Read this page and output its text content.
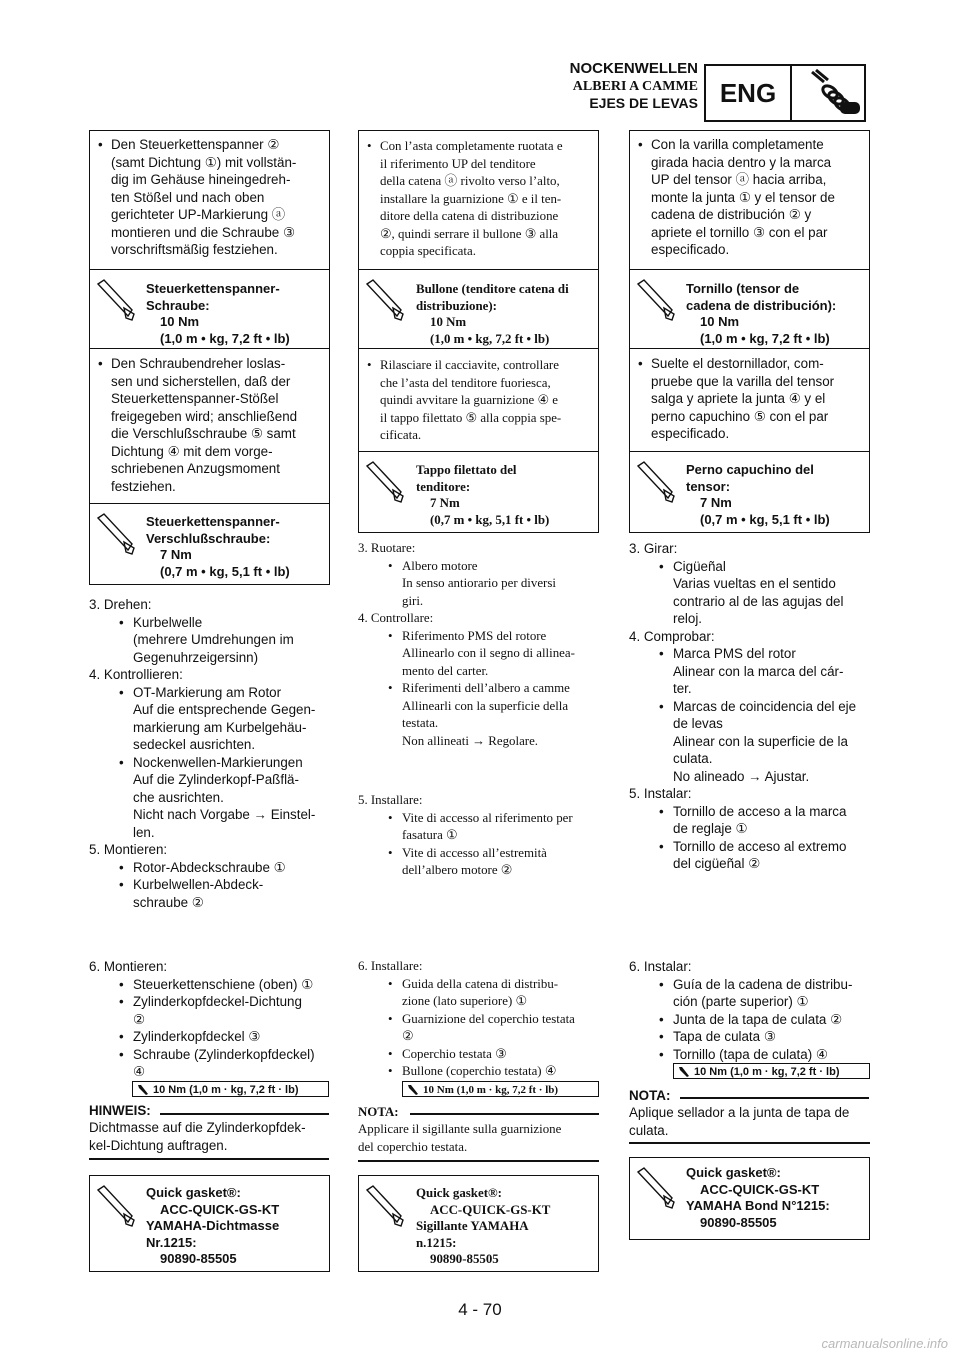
NOCKENWELLEN
ALBERI A CAMME
EJES DE LEVAS ENG
• Den Steuerkettenspanner ②
(samt Dichtung ①) mit vollstän-
dig im Gehäuse hineingedreh-
ten Stößel und nach oben
gerichteter UP-Markierung ⓐ
montieren und die Schraube ③
vorschriftsmäßig festziehen.
Steuerkettenspanner-
Schraube:
10 Nm
(1,0 m • kg, 7,2 ft • lb)
• Den Schraubendreher loslas-
sen und sicherstellen, daß der
Steuerkettenspanner-Stößel
freigegeben wird; anschließend
die Verschlußschraube ⑤ samt
Dichtung ④ mit dem vorge-
schriebenen Anzugsmoment
festziehen.
Steuerkettenspanner-
Verschlußschraube:
7 Nm
(0,7 m • kg, 5,1 ft • lb)

3. Drehen:

• Kurbelwelle

(mehrere Umdrehungen im

Gegenuhrzeigersinn)

4. Kontrollieren:

• OT-Markierung am Rotor

Auf die entsprechende Gegen-

markierung am Kurbelgehäu-

sedeckel ausrichten.

• Nockenwellen-Markierungen

Auf die Zylinderkopf-Paßflä-

che ausrichten.

Nicht nach Vorgabe → Einstel-

len.

5. Montieren:

• Rotor-Abdeckschraube ①

• Kurbelwellen-Abdeck-

schraube ②

6. Montieren:

• Steuerkettenschiene (oben) ①

• Zylinderkopfdeckel-Dichtung

②

• Zylinderkopfdeckel ③

• Schraube (Zylinderkopfdeckel)

④

10 Nm (1,0 m · kg, 7,2 ft · lb)
HINWEIS:
Dichtmasse auf die Zylinderkopfdek-
kel-Dichtung auftragen.
Quick gasket®:
ACC-QUICK-GS-KT
YAMAHA-Dichtmasse
Nr.1215:
90890-85505
• Con l’asta completamente ruotata e
il riferimento UP del tenditore
della catena ⓐ rivolto verso l’alto,
installare la guarnizione ① e il ten-
ditore della catena di distribuzione
②, quindi serrare il bullone ③ alla
coppia specificata.
Bullone (tenditore catena di
distribuzione):
10 Nm
(1,0 m • kg, 7,2 ft • lb)
• Rilasciare il cacciavite, controllare
che l’asta del tenditore fuoriesca,
quindi avvitare la guarnizione ④ e
il tappo filettato ⑤ alla coppia spe-
cificata.
Tappo filettato del
tenditore:
7 Nm
(0,7 m • kg, 5,1 ft • lb)

3. Ruotare:

• Albero motore

In senso antiorario per diversi

giri.

4. Controllare:

• Riferimento PMS del rotore

Allinearlo con il segno di allinea-

mento del carter.

• Riferimenti dell’albero a camme

Allinearli con la superficie della

testata.

Non allineati → Regolare.

5. Installare:

• Vite di accesso al riferimento per

fasatura ①

• Vite di accesso all’estremità

dell’albero motore ②

6. Installare:

• Guida della catena di distribu-

zione (lato superiore) ①

• Guarnizione del coperchio testata

②

• Coperchio testata ③

• Bullone (coperchio testata) ④

10 Nm (1,0 m · kg, 7,2 ft · lb)
NOTA:
Applicare il sigillante sulla guarnizione
del coperchio testata.
Quick gasket®:
ACC-QUICK-GS-KT
Sigillante YAMAHA
n.1215:
90890-85505
• Con la varilla completamente
girada hacia dentro y la marca
UP del tensor ⓐ hacia arriba,
monte la junta ① y el tensor de
cadena de distribución ② y
apriete el tornillo ③ con el par
especificado.
Tornillo (tensor de
cadena de distribución):
10 Nm
(1,0 m • kg, 7,2 ft • lb)
• Suelte el destornillador, com-
pruebe que la varilla del tensor
salga y apriete la junta ④ y el
perno capuchino ⑤ con el par
especificado.
Perno capuchino del
tensor:
7 Nm
(0,7 m • kg, 5,1 ft • lb)

3. Girar:

• Cigüeñal

Varias vueltas en el sentido

contrario al de las agujas del

reloj.

4. Comprobar:

• Marca PMS del rotor

Alinear con la marca del cár-

ter.

• Marcas de coincidencia del eje

de levas

Alinear con la superficie de la

culata.

No alineado → Ajustar.

5. Instalar:

• Tornillo de acceso a la marca

de reglaje ①

• Tornillo de acceso al extremo

del cigüeñal ②

6. Instalar:

• Guía de la cadena de distribu-

ción (parte superior) ①

• Junta de la tapa de culata ②

• Tapa de culata ③

• Tornillo (tapa de culata) ④

10 Nm (1,0 m · kg, 7,2 ft · lb)
NOTA:
Aplique sellador a la junta de tapa de
culata.
Quick gasket®:
ACC-QUICK-GS-KT
YAMAHA Bond N°1215:
90890-85505
4 - 70
carmanualsonline.info
